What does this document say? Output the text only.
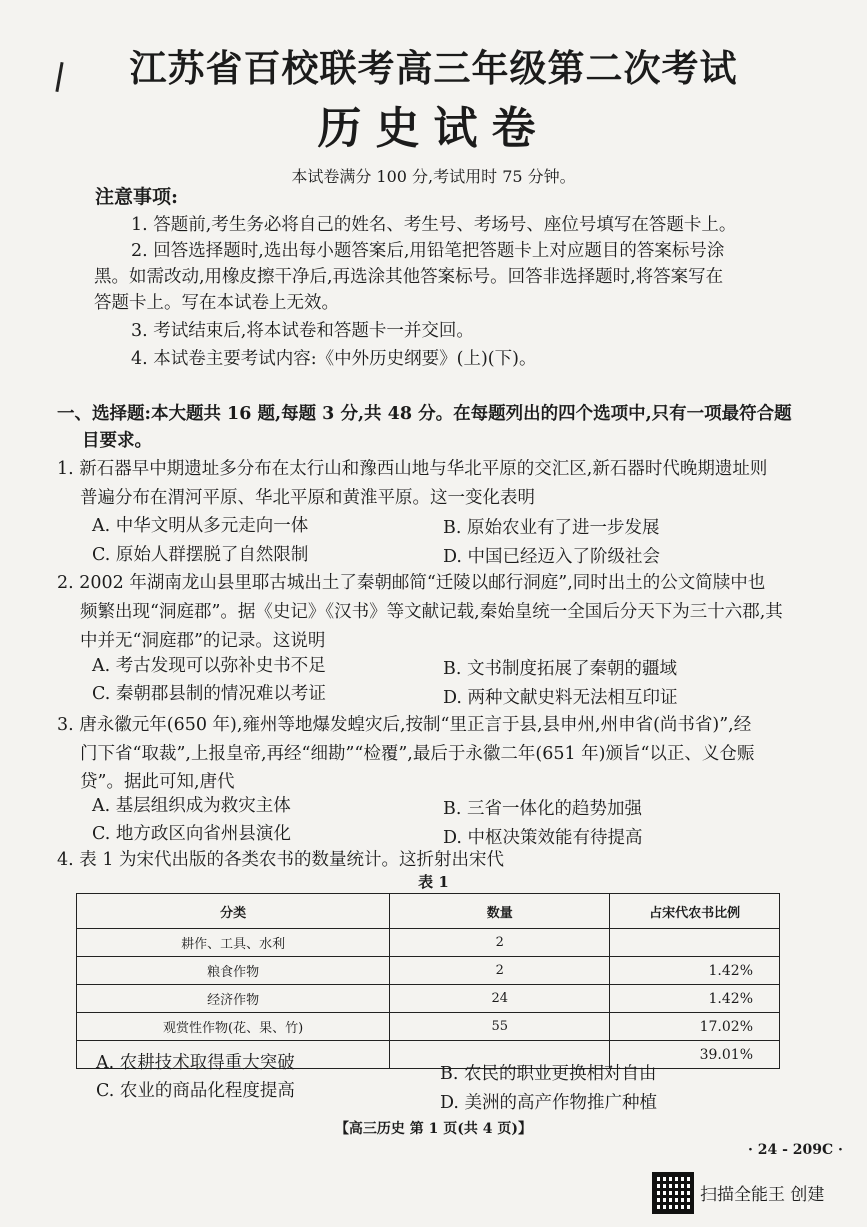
江苏省百校联考高三年级第二次考试
历史试卷
本试卷满分 100 分,考试用时 75 分钟。
注意事项:
1. 答题前,考生务必将自己的姓名、考生号、考场号、座位号填写在答题卡上。
2. 回答选择题时,选出每小题答案后,用铅笔把答题卡上对应题目的答案标号涂
黑。如需改动,用橡皮擦干净后,再选涂其他答案标号。回答非选择题时,将答案写在
答题卡上。写在本试卷上无效。
3. 考试结束后,将本试卷和答题卡一并交回。
4. 本试卷主要考试内容:《中外历史纲要》(上)(下)。
一、选择题:本大题共 16 题,每题 3 分,共 48 分。在每题列出的四个选项中,只有一项最符合题
目要求。
1. 新石器早中期遗址多分布在太行山和豫西山地与华北平原的交汇区,新石器时代晚期遗址则
普遍分布在渭河平原、华北平原和黄淮平原。这一变化表明
A. 中华文明从多元走向一体	B. 原始农业有了进一步发展
C. 原始人群摆脱了自然限制	D. 中国已经迈入了阶级社会
2. 2002 年湖南龙山县里耶古城出土了秦朝邮简“迁陵以邮行洞庭”,同时出土的公文简牍中也
频繁出现“洞庭郡”。据《史记》《汉书》等文献记载,秦始皇统一全国后分天下为三十六郡,其
中并无“洞庭郡”的记录。这说明
A. 考古发现可以弥补史书不足	B. 文书制度拓展了秦朝的疆域
C. 秦朝郡县制的情况难以考证	D. 两种文献史料无法相互印证
3. 唐永徽元年(650 年),雍州等地爆发蝗灾后,按制“里正言于县,县申州,州申省(尚书省)”,经
门下省“取裁”,上报皇帝,再经“细勘”“检覆”,最后于永徽二年(651 年)颁旨“以正、义仓赈
贷”。据此可知,唐代
A. 基层组织成为救灾主体	B. 三省一体化的趋势加强
C. 地方政区向省州县演化	D. 中枢决策效能有待提高
4. 表 1 为宋代出版的各类农书的数量统计。这折射出宋代
表 1
分类	数量	占宋代农书比例
耕作、工具、水利	2	
粮食作物	2	1.42%
经济作物	24	1.42%
观赏性作物(花、果、竹)	55	17.02%
		39.01%
A. 农耕技术取得重大突破
B. 农民的职业更换相对自由
C. 农业的商品化程度提高
D. 美洲的高产作物推广种植
【高三历史 第 1 页(共 4 页)】
· 24 - 209C ·
扫描全能王 创建
